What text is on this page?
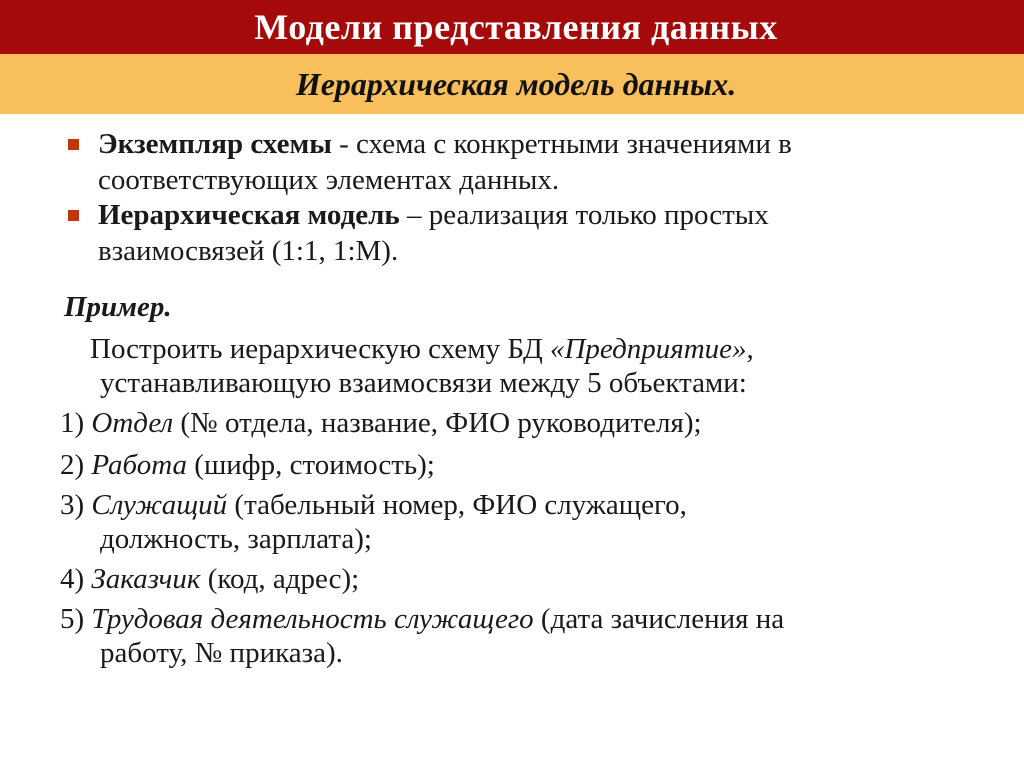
Модели представления данных
Иерархическая модель данных.
Экземпляр схемы - схема с конкретными значениями в
соответствующих элементах данных.
Иерархическая модель – реализация только простых
взаимосвязей (1:1, 1:М).
Пример.
Построить иерархическую схему БД «Предприятие»,
устанавливающую взаимосвязи между 5 объектами:
1) Отдел (№ отдела, название, ФИО руководителя);
2) Работа (шифр, стоимость);
3) Служащий (табельный номер, ФИО служащего,
должность, зарплата);
4) Заказчик (код, адрес);
5) Трудовая деятельность служащего (дата зачисления на
работу, № приказа).
